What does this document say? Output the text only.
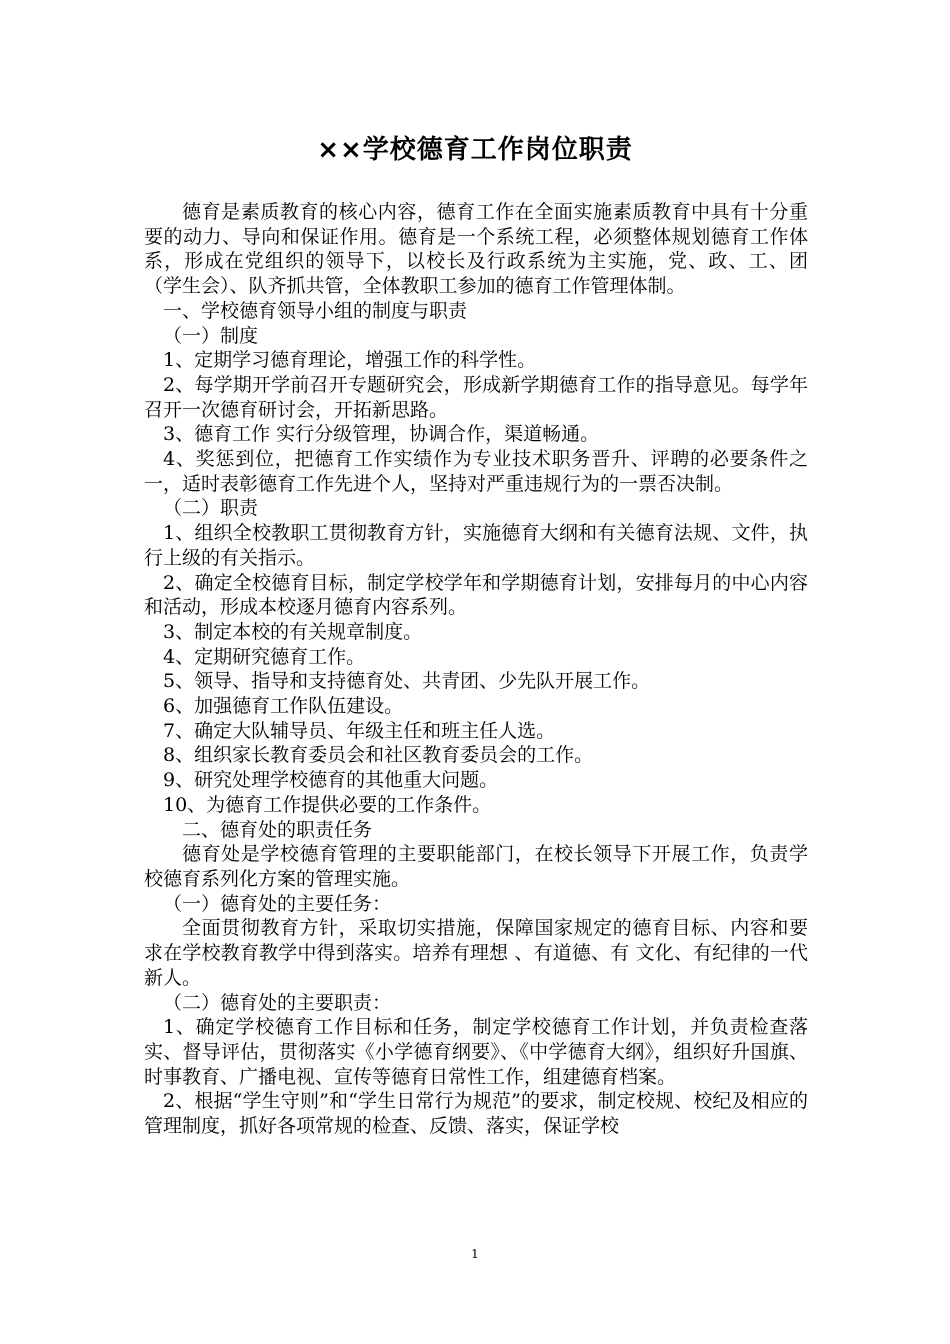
××学校德育工作岗位职责

德育是素质教育的核心内容，德育工作在全面实施素质教育中具有十分重要的动力、导向和保证作用。德育是一个系统工程，必须整体规划德育工作体系，形成在党组织的领导下，以校长及行政系统为主实施，党、政、工、团（学生会）、队齐抓共管，全体教职工参加的德育工作管理体制。

一、学校德育领导小组的制度与职责

（一）制度

1、定期学习德育理论，增强工作的科学性。

2、每学期开学前召开专题研究会，形成新学期德育工作的指导意见。每学年召开一次德育研讨会，开拓新思路。

3、德育工作 实行分级管理，协调合作，渠道畅通。

4、奖惩到位，把德育工作实绩作为专业技术职务晋升、评聘的必要条件之一，适时表彰德育工作先进个人，坚持对严重违规行为的一票否决制。

（二）职责

1、组织全校教职工贯彻教育方针，实施德育大纲和有关德育法规、文件，执行上级的有关指示。

2、确定全校德育目标，制定学校学年和学期德育计划，安排每月的中心内容和活动，形成本校逐月德育内容系列。

3、制定本校的有关规章制度。

4、定期研究德育工作。

5、领导、指导和支持德育处、共青团、少先队开展工作。

6、加强德育工作队伍建设。

7、确定大队辅导员、年级主任和班主任人选。

8、组织家长教育委员会和社区教育委员会的工作。

9、研究处理学校德育的其他重大问题。

10、为德育工作提供必要的工作条件。

二、德育处的职责任务

德育处是学校德育管理的主要职能部门，在校长领导下开展工作，负责学校德育系列化方案的管理实施。

（一）德育处的主要任务：

全面贯彻教育方针，采取切实措施，保障国家规定的德育目标、内容和要求在学校教育教学中得到落实。培养有理想 、有道德、有 文化、有纪律的一代新人。

（二）德育处的主要职责：

1、确定学校德育工作目标和任务，制定学校德育工作计划，并负责检查落实、督导评估，贯彻落实《小学德育纲要》、《中学德育大纲》，组织好升国旗、时事教育、广播电视、宣传等德育日常性工作，组建德育档案。

2、根据“学生守则”和“学生日常行为规范”的要求，制定校规、校纪及相应的管理制度，抓好各项常规的检查、反馈、落实，保证学校

1
